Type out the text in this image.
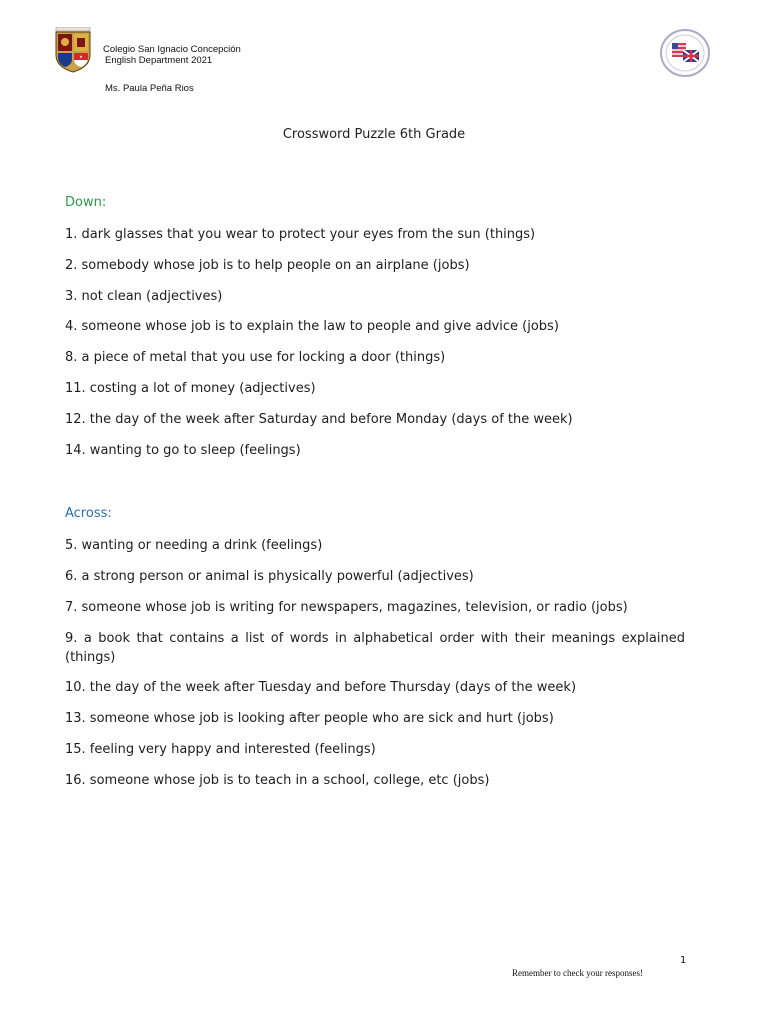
Colegio San Ignacio Concepción
English Department 2021
Ms. Paula Peña Rios
Crossword Puzzle 6th Grade
Down:
1. dark glasses that you wear to protect your eyes from the sun (things)
2. somebody whose job is to help people on an airplane (jobs)
3. not clean (adjectives)
4. someone whose job is to explain the law to people and give advice (jobs)
8. a piece of metal that you use for locking a door (things)
11. costing a lot of money (adjectives)
12. the day of the week after Saturday and before Monday (days of the week)
14. wanting to go to sleep (feelings)
Across:
5. wanting or needing a drink (feelings)
6. a strong person or animal is physically powerful (adjectives)
7. someone whose job is writing for newspapers, magazines, television, or radio (jobs)
9. a book that contains a list of words in alphabetical order with their meanings explained (things)
10. the day of the week after Tuesday and before Thursday (days of the week)
13. someone whose job is looking after people who are sick and hurt (jobs)
15. feeling very happy and interested (feelings)
16. someone whose job is to teach in a school, college, etc (jobs)
1
Remember to check your responses!
